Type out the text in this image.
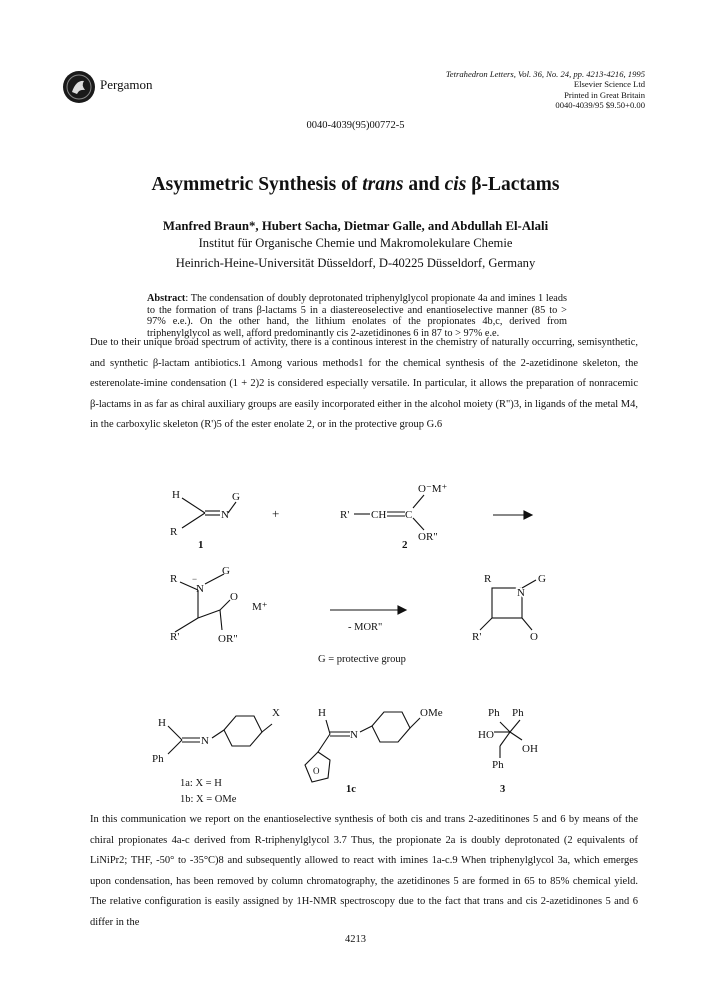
Pergamon
Tetrahedron Letters, Vol. 36, No. 24, pp. 4213-4216, 1995
Elsevier Science Ltd
Printed in Great Britain
0040-4039/95 $9.50+0.00
0040-4039(95)00772-5
Asymmetric Synthesis of trans and cis β-Lactams
Manfred Braun*, Hubert Sacha, Dietmar Galle, and Abdullah El-Alali
Institut für Organische Chemie und Makromolekulare Chemie
Heinrich-Heine-Universität Düsseldorf, D-40225 Düsseldorf, Germany
Abstract: The condensation of doubly deprotonated triphenylglycol propionate 4a and imines 1 leads to the formation of trans β-lactams 5 in a diastereoselective and enantioselective manner (85 to > 97% e.e.). On the other hand, the lithium enolates of the propionates 4b,c, derived from triphenylglycol as well, afford predominantly cis 2-azetidinones 6 in 87 to > 97% e.e.
Due to their unique broad spectrum of activity, there is a continous interest in the chemistry of naturally occurring, semisynthetic, and synthetic β-lactam antibiotics.1 Among various methods1 for the chemical synthesis of the 2-azetidinone skeleton, the esterenolate-imine condensation (1 + 2)2 is considered especially versatile. In particular, it allows the preparation of nonracemic β-lactams in as far as chiral auxiliary groups are easily incorporated either in the alcohol moiety (R")3, in ligands of the metal M4, in the carboxylic skeleton (R')5 of the ester enolate 2, or in the protective group G.6
H
N
G
R
1
+	R' CH C
O⁻M⁺
OR"
2
R −
N
G
O
M⁺
R'	OR"
- MOR"
G = protective group
R	G
N
O
R'
H
N
Ph
X
1a: X = H
1b: X = OMe
H
N
O
OMe
1c
Ph Ph
HO
OH
Ph
3
In this communication we report on the enantioselective synthesis of both cis and trans 2-azeditinones 5 and 6 by means of the chiral propionates 4a-c derived from R-triphenylglycol 3.7 Thus, the propionate 2a is doubly deprotonated (2 equivalents of LiNiPr2; THF, -50° to -35°C)8 and subsequently allowed to react with imines 1a-c.9 When triphenylglycol 3a, which emerges upon condensation, has been removed by column chromatography, the azetidinones 5 are formed in 65 to 85% chemical yield. The relative configuration is easily assigned by 1H-NMR spectroscopy due to the fact that trans and cis 2-azetidinones 5 and 6 differ in the
4213
